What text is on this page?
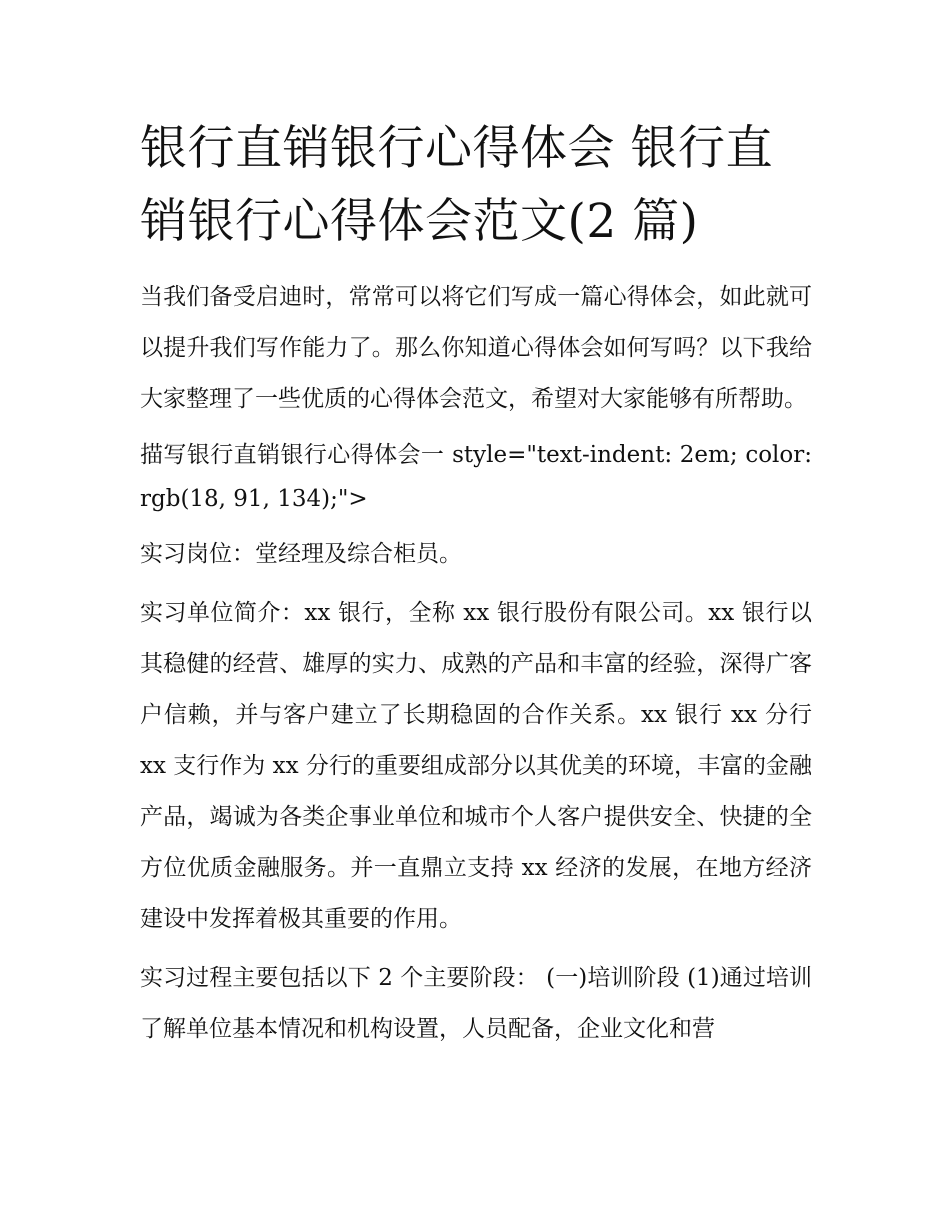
银行直销银行心得体会 银行直销银行心得体会范文(2 篇)

当我们备受启迪时，常常可以将它们写成一篇心得体会，如此就可以提升我们写作能力了。那么你知道心得体会如何写吗？以下我给大家整理了一些优质的心得体会范文，希望对大家能够有所帮助。

描写银行直销银行心得体会一 style="text-indent: 2em; color: rgb(18, 91, 134);">

实习岗位：堂经理及综合柜员。

实习单位简介：xx 银行，全称 xx 银行股份有限公司。xx 银行以其稳健的经营、雄厚的实力、成熟的产品和丰富的经验，深得广客户信赖，并与客户建立了长期稳固的合作关系。xx 银行 xx 分行 xx 支行作为 xx 分行的重要组成部分以其优美的环境，丰富的金融产品，竭诚为各类企事业单位和城市个人客户提供安全、快捷的全方位优质金融服务。并一直鼎立支持 xx 经济的发展，在地方经济建设中发挥着极其重要的作用。

实习过程主要包括以下 2 个主要阶段： (一)培训阶段 (1)通过培训了解单位基本情况和机构设置，人员配备，企业文化和营
